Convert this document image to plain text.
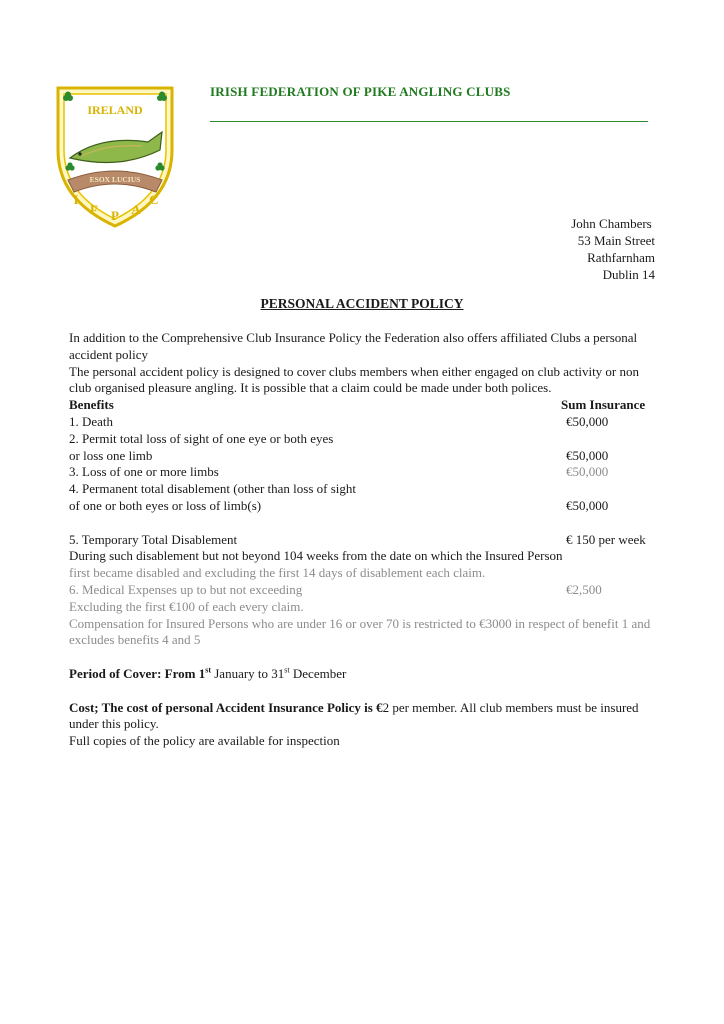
IRELAND
ESOX LUCIUS
I
F P A
C
IRISH FEDERATION OF PIKE ANGLING CLUBS
John Chambers
53 Main Street
Rathfarnham
Dublin 14
PERSONAL ACCIDENT POLICY

In addition to the Comprehensive Club Insurance Policy the Federation also offers affiliated Clubs a personal accident policy

The personal accident policy is designed to cover clubs members when either engaged on club activity or non club organised pleasure angling. It is possible that a claim could be made under both polices.

Benefits	Sum Insurance
1. Death	€50,000
2. Permit total loss of sight of one eye or both eyes
or loss one limb	€50,000
3. Loss of one or more limbs	€50,000
4. Permanent total disablement (other than loss of sight
of one or both eyes or loss of limb(s)	€50,000
5. Temporary Total Disablement	€ 150 per week
During such disablement but not beyond 104 weeks from the date on which the Insured Person
first became disabled and excluding the first 14 days of disablement each claim.
6. Medical Expenses up to but not exceeding	€2,500
Excluding the first €100 of each every claim.

Compensation for Insured Persons who are under 16 or over 70 is restricted to €3000 in respect of benefit 1 and excludes benefits 4 and 5

Period of Cover: From 1st January to 31st December

Cost; The cost of personal Accident Insurance Policy is €2 per member. All club members must be insured under this policy.

Full copies of the policy are available for inspection
